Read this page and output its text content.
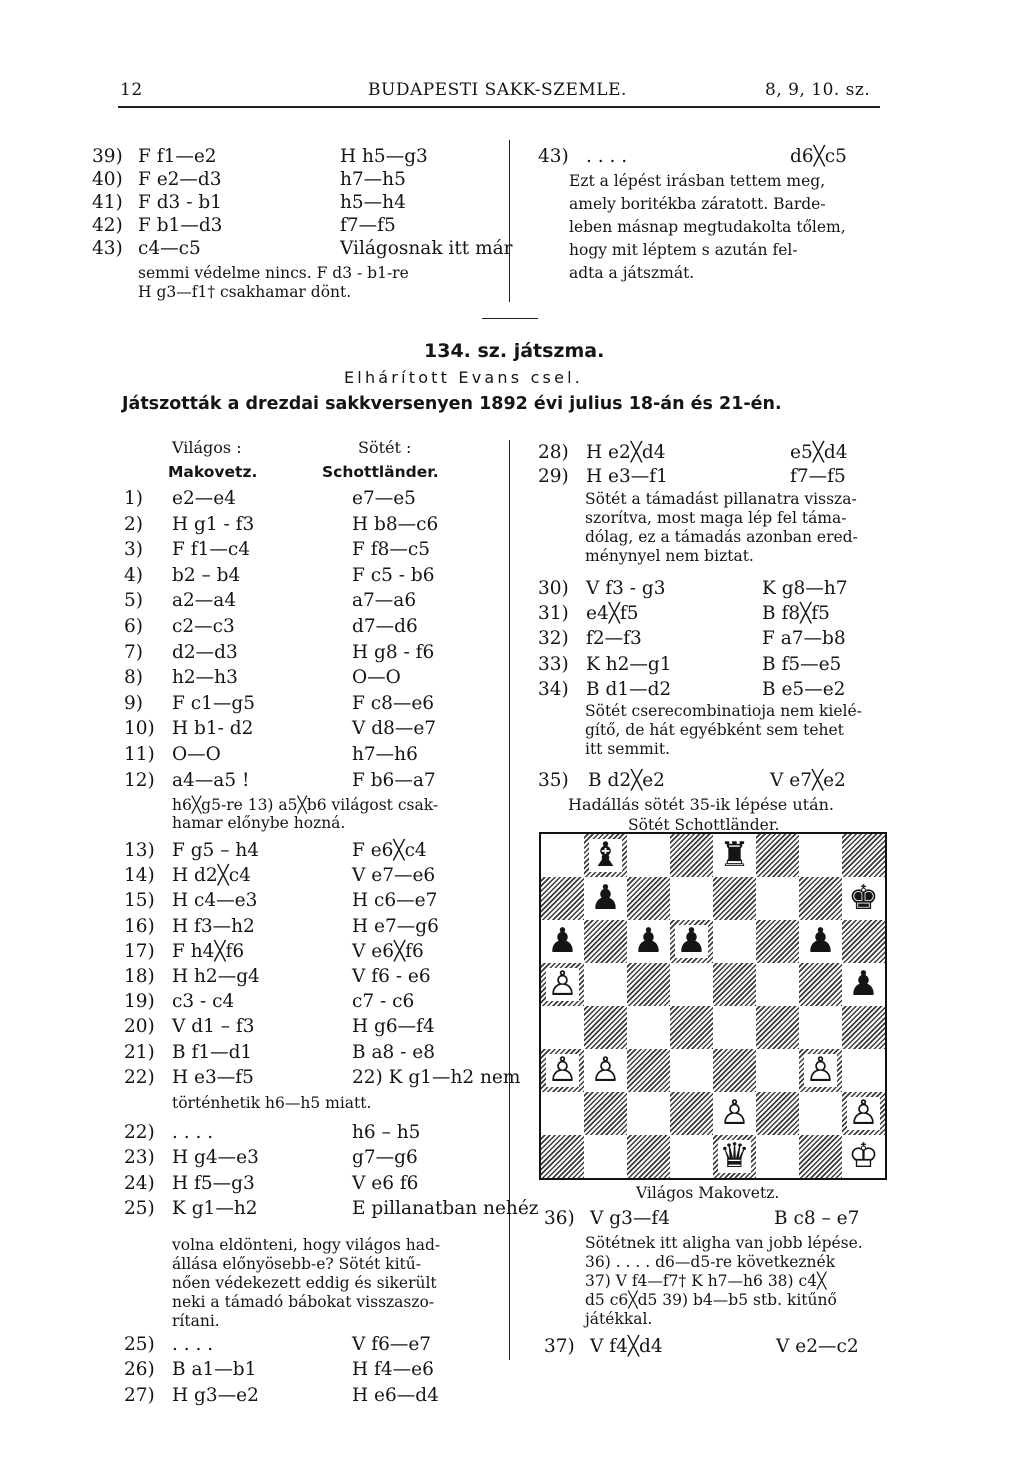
12	BUDAPESTI SAKK-SZEMLE.	8, 9, 10. sz.
39) F f1—e2	H h5—g3
40) F e2—d3	h7—h5
41) F d3 - b1	h5—h4
42) F b1—d3	f7—f5
43) c4—c5	Világosnak itt már
semmi védelme nincs. F d3 - b1-re
H g3—f1† csakhamar dönt.
43) . . . .	d6╳c5
Ezt a lépést irásban tettem meg,
amely boritékba záratott. Barde-
leben másnap megtudakolta tőlem,
hogy mit léptem s azután fel-
adta a játszmát.
134. sz. játszma.
Elhárított Evans csel.
Játszották a drezdai sakkversenyen 1892 évi julius 18-án és 21-én.
Világos :	Sötét :
Makovetz.	Schottländer.
1) e2—e4	e7—e5
2) H g1 - f3	H b8—c6
3) F f1—c4	F f8—c5
4) b2 – b4	F c5 - b6
5) a2—a4	a7—a6
6) c2—c3	d7—d6
7) d2—d3	H g8 - f6
8) h2—h3	O—O
9) F c1—g5	F c8—e6
10) H b1- d2	V d8—e7
11) O—O	h7—h6
12) a4—a5 !	F b6—a7
h6╳g5-re 13) a5╳b6 világost csak-
hamar előnybe hozná.
13) F g5 – h4	F e6╳c4
14) H d2╳c4	V e7—e6
15) H c4—e3	H c6—e7
16) H f3—h2	H e7—g6
17) F h4╳f6	V e6╳f6
18) H h2—g4	V f6 - e6
19) c3 - c4	c7 - c6
20) V d1 – f3	H g6—f4
21) B f1—d1	B a8 - e8
22) H e3—f5	22) K g1—h2 nem
történhetik h6—h5 miatt.
22) . . . .	h6 – h5
23) H g4—e3	g7—g6
24) H f5—g3	V e6 f6
25) K g1—h2	E pillanatban nehéz
volna eldönteni, hogy világos had-
állása előnyösebb-e? Sötét kitű-
nően védekezett eddig és sikerült
neki a támadó bábokat visszaszo-
rítani.
25) . . . .	V f6—e7
26) B a1—b1	H f4—e6
27) H g3—e2	H e6—d4
28) H e2╳d4	e5╳d4
29) H e3—f1	f7—f5
Sötét a támadást pillanatra vissza-
szorítva, most maga lép fel táma-
dólag, ez a támadás azonban ered-
ménynyel nem biztat.
30) V f3 - g3	K g8—h7
31) e4╳f5	B f8╳f5
32) f2—f3	F a7—b8
33) K h2—g1	B f5—e5
34) B d1—d2	B e5—e2
Sötét cserecombinatioja nem kielé-
gítő, de hát egyébként sem tehet
itt semmit.
35) B d2╳e2	V e7╳e2
Hadállás sötét 35-ik lépése után.
Sötét Schottländer.
♝	♜
♟	♚
♟ ♟ ♟	♟
♙	♟
♙ ♙	♙
♙	♙
♛	♔
Világos Makovetz.
36) V g3—f4	B c8 – e7
Sötétnek itt aligha van jobb lépése.
36) . . . . d6—d5-re következnék
37) V f4—f7† K h7—h6 38) c4╳
d5 c6╳d5 39) b4—b5 stb. kitűnő
játékkal.
37) V f4╳d4	V e2—c2
